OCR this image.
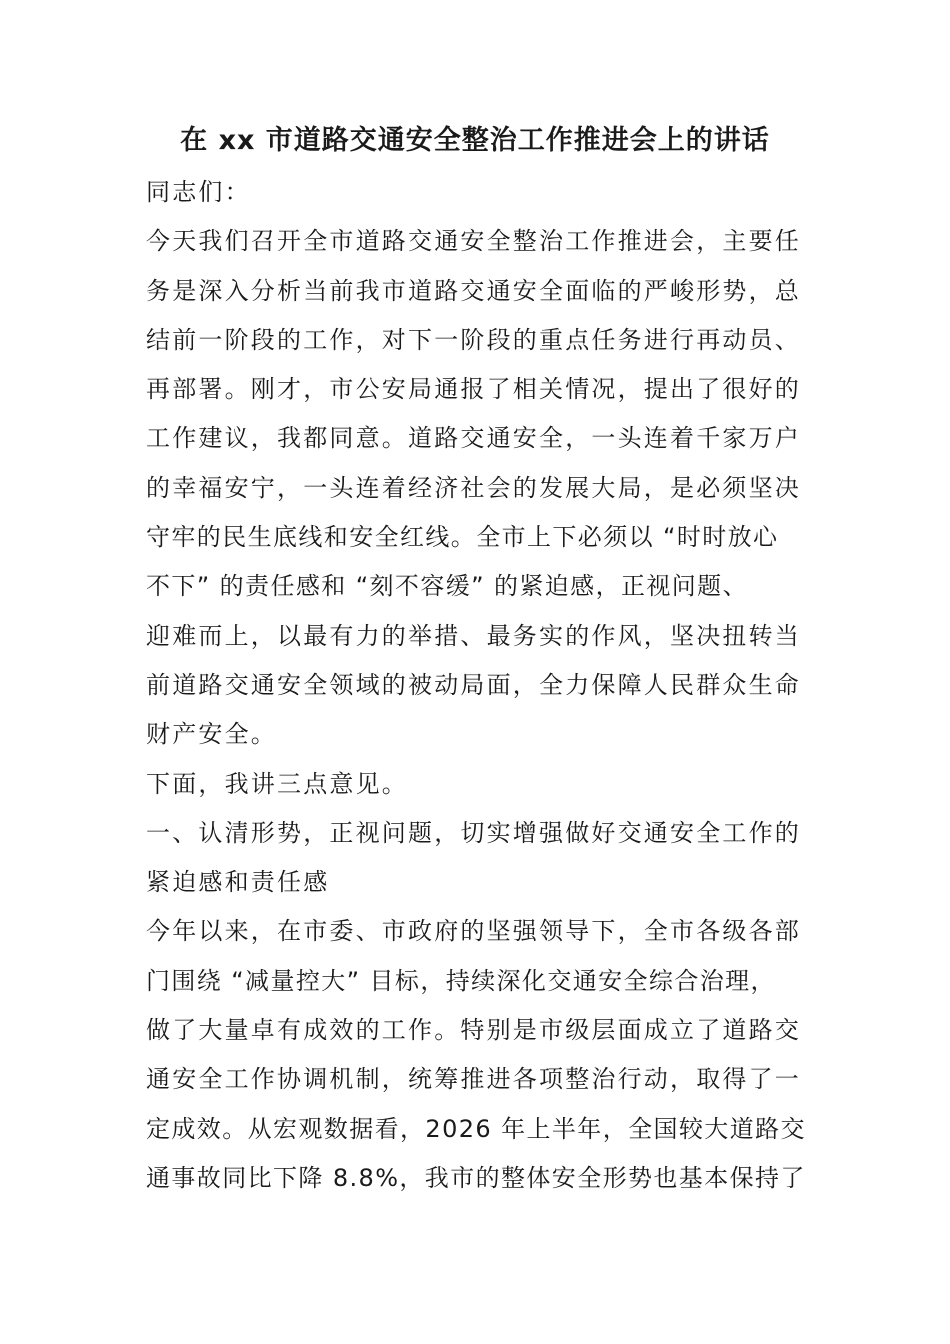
在 xx 市道路交通安全整治工作推进会上的讲话
同志们：
今天我们召开全市道路交通安全整治工作推进会，主要任
务是深入分析当前我市道路交通安全面临的严峻形势，总
结前一阶段的工作，对下一阶段的重点任务进行再动员、
再部署。刚才，市公安局通报了相关情况，提出了很好的
工作建议，我都同意。道路交通安全，一头连着千家万户
的幸福安宁，一头连着经济社会的发展大局，是必须坚决
守牢的民生底线和安全红线。全市上下必须以 “时时放心
不下” 的责任感和 “刻不容缓” 的紧迫感，正视问题、
迎难而上，以最有力的举措、最务实的作风，坚决扭转当
前道路交通安全领域的被动局面，全力保障人民群众生命
财产安全。
下面，我讲三点意见。
一、认清形势，正视问题，切实增强做好交通安全工作的
紧迫感和责任感
今年以来，在市委、市政府的坚强领导下，全市各级各部
门围绕 “减量控大” 目标，持续深化交通安全综合治理，
做了大量卓有成效的工作。特别是市级层面成立了道路交
通安全工作协调机制，统筹推进各项整治行动，取得了一
定成效。从宏观数据看，2026 年上半年，全国较大道路交
通事故同比下降 8.8%，我市的整体安全形势也基本保持了
